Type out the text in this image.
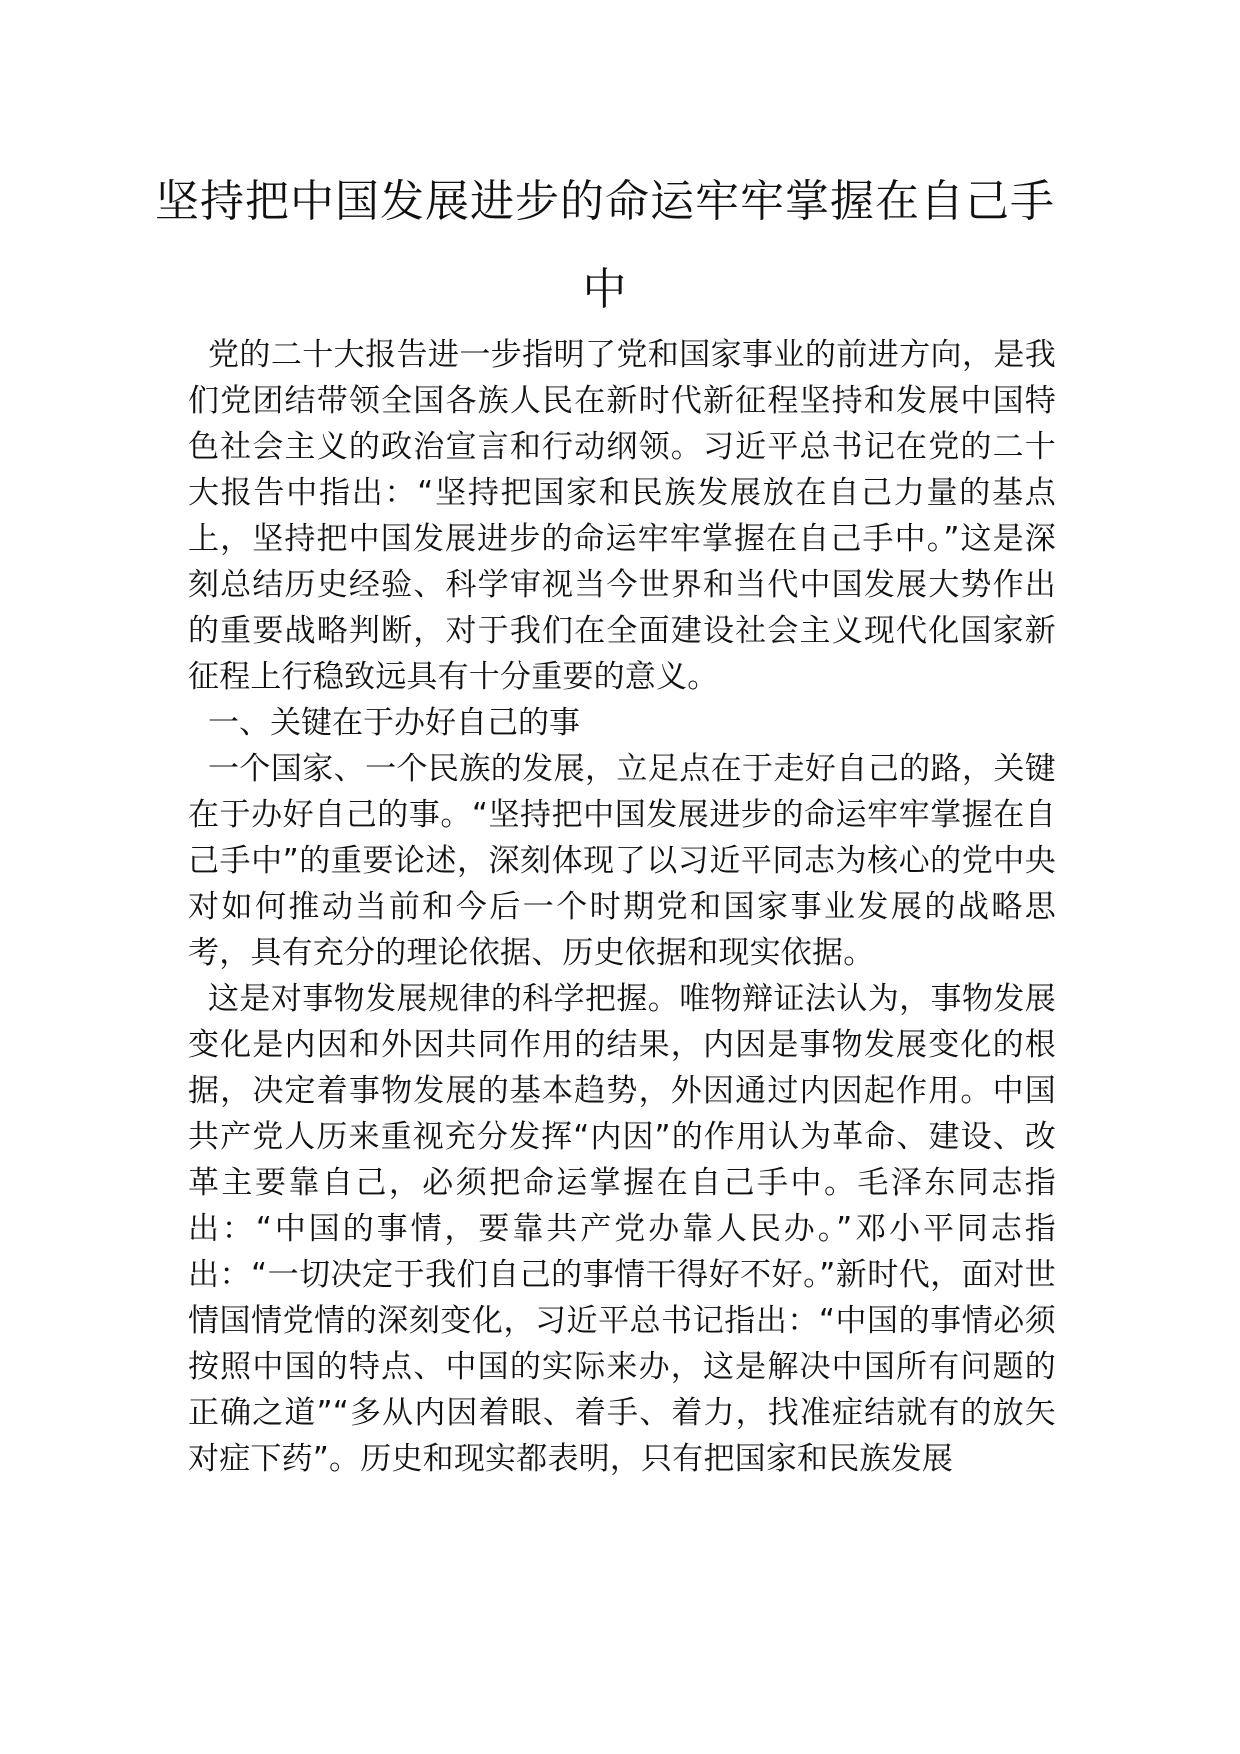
坚持把中国发展进步的命运牢牢掌握在自己手中

党的二十大报告进一步指明了党和国家事业的前进方向，是我们党团结带领全国各族人民在新时代新征程坚持和发展中国特色社会主义的政治宣言和行动纲领。习近平总书记在党的二十大报告中指出：“坚持把国家和民族发展放在自己力量的基点上，坚持把中国发展进步的命运牢牢掌握在自己手中。”这是深刻总结历史经验、科学审视当今世界和当代中国发展大势作出的重要战略判断，对于我们在全面建设社会主义现代化国家新征程上行稳致远具有十分重要的意义。

一、关键在于办好自己的事

一个国家、一个民族的发展，立足点在于走好自己的路，关键在于办好自己的事。“坚持把中国发展进步的命运牢牢掌握在自己手中”的重要论述，深刻体现了以习近平同志为核心的党中央对如何推动当前和今后一个时期党和国家事业发展的战略思考，具有充分的理论依据、历史依据和现实依据。

这是对事物发展规律的科学把握。唯物辩证法认为，事物发展变化是内因和外因共同作用的结果，内因是事物发展变化的根据，决定着事物发展的基本趋势，外因通过内因起作用。中国共产党人历来重视充分发挥“内因”的作用认为革命、建设、改革主要靠自己，必须把命运掌握在自己手中。毛泽东同志指出：“中国的事情，要靠共产党办靠人民办。”邓小平同志指出：“一切决定于我们自己的事情干得好不好。”新时代，面对世情国情党情的深刻变化，习近平总书记指出：“中国的事情必须按照中国的特点、中国的实际来办，这是解决中国所有问题的正确之道”“多从内因着眼、着手、着力，找准症结就有的放矢对症下药”。历史和现实都表明，只有把国家和民族发展
